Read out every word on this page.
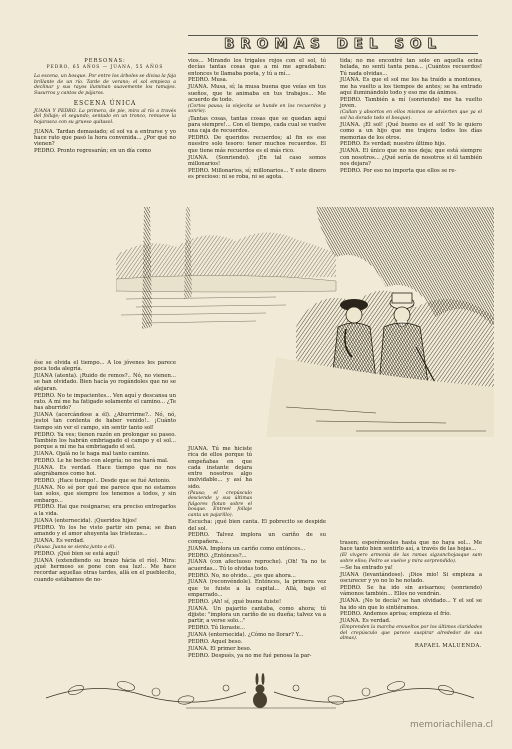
BROMAS DEL SOL

PERSONAS:

PEDRO, 65 AÑOS — JUANA, 55 AÑOS

La escena, un bosque. Por entre los árboles se divisa la faja brillante de un río. Tarde de verano; el sol empieza a declinar y sus rayos iluminan suavemente los ramajes. Susurros y cantos de pájaros.

ESCENA ÚNICA

JUANA Y PEDRO. La primera, de pie, mira al río a través del follaje; el segundo, sentado en un tronco, remueve la hojarasca con su grueso quitasol.

JUANA. Tardan demasiado; el sol va a entrarse y yo hace rato que pasó la hora convenida... ¿Por qué no vienen?

PEDRO. Pronto regresarán; en un día como

vios... Mirando los trigales rojos con el sol, tú decías tantas cosas que a mí me agradaban: entonces te llamaba poeta, y tú a mí...

PEDRO. Musa.

JUANA. Musa, sí; la musa buena que veías en tus sueños, que te animaba en tus trabajos... Me acuerdo de todo.

(Cortos pausa; la viejecita se hunde en los recuerdos y sonríe).

¡Tantas cosas, tantas cosas que se quedan aquí para siempre!... Con el tiempo, cada cual se vuelve una caja de recuerdos.

PEDRO. De queridos recuerdos; al fin es ese nuestro solo tesoro: tener muchos recuerdos. El que tiene más recuerdos es el más rico.

JUANA. (Sonriendo). ¡En tal caso somos millonarios!

PEDRO. Millonarios, sí; millonarios... Y este dinero es precioso: ni se roba, ni se agota.

tida; no me encontré tan solo en aquella ocina helada, no sentí tanta pena... ¡Cuántos recuerdos! Tú nada olvidas...

JUANA. Es que el sol me los ha traído a montones, me ha vuelto a los tiempos de antes; se ha entrado aquí iluminándolo todo y eso me da ánimos.

PEDRO. También a mí (sonriendo) me ha vuelto joven.

(Callan y absortos en ellos mismos se advierten que ya el sol ha dorado todo el bosque).

JUANA. ¡El sol! ¡Qué bueno es el sol! Yo le quiero como a un hijo que me trajera todos los días memorias de los otros.

PEDRO. Es verdad; nuestro último hijo.

JUANA. El único que no nos deja; que está siempre con nosotros... ¿Qué sería de nosotros si él también nos dejara?

PEDRO. Por eso no importa que ellos se re-

ése se olvida el tiempo... A los jóvenes les parece poca toda alegría.

JUANA (atenta). ¡Ruido de remos?.. Nó, no vienen... se han olvidado. Bien hacía yo rogándoles que no se alejaran.

PEDRO. No te impacientes... Ven aquí y descansa un rato. A mí me ha fatigado solamente el camino... ¿Te has aburrido?

JUANA (acercándose a él). ¿Aburrirme?.. Nó, nó, jestoi tan contenta de haber venido!.. ¡Cuánto tiempo sin ver el campo, sin sentir tanto sol!

PEDRO. Ya ves; tienen razón en prolongar su paseo. También los habrán embriagado el campo y el sol... porque a mí me ha embriagado el sol.

JUANA. Ojalá no le haga mal tanto camino.

PEDRO. Le he becho con alegría; no me hará mal.

JUANA. Es verdad. Hace tiempo que no nos alegrábamos como hoi.

PEDRO. ¡Hace tiempo!.. Desde que se fué Antonio.

JUANA. No sé por qué me parece que no estamos tan solos, que siempre los tenemos a todos, y sin embargo...

PEDRO. Hai que resignarse; era preciso entregarlos a la vida.

JUANA (enternecida). ¡Queridos hijos!

PEDRO. Yo los he visto partir sin pena; se iban amando y el amor ahuyenta las tristezas...

JUANA. Es verdad.

(Pausa. Juana se sienta junto a él).

PEDRO. ¡Qué bien se está aquí!

JUANA (extendiendo su brazo hácia el río). Mira: ¡qué hermoso se pone con esa luz!.. Me hace recordar aquellas otras tardes, allá en el pueblecito, cuando estábamos de no-

JUANA. Tú me hiciste rica de ellos porque tú empeñabas en que cada instante dejara entre nosotros algo inolvidable... y así ha sido.

(Pausa; el crepúsculo desciende y sus últimas fulgores flotan sobre el bosque. Entreel follaje canta un pajarillo).

Escucha: ¡qué bien canta. El pobrecito se despide del sol.

PEDRO. Talvez implora un cariño de su compañera...

JUANA. Implora un cariño como entónces...

PEDRO. ¿Entónces?...

JUANA (con afectuoso reproche). ¡Oh! Ya no te acuerdas... Tú lo olvidas todo.

PEDRO. No, no olvido... ¿es que ahora...

JUANA (reconvéndole). Entónces, la primera vez que te fuiste a la capital... Allá, bajo el emparrado...

PEDRO. ¡Ah! sí, ¡qué buena fuiste!

JUANA. Un pajarito cantaba, como ahora; tú dijiste: "implora un cariño de su dueña; talvez va a partir, a verse solo..."

PEDRO. Tú lloraste...

JUANA (enternecida). ¿Cómo no llorar? Y...

PEDRO. Aquel beso.

JUANA. El primer beso.

PEDRO. Después, ya no me fué penosa la par-

trasen; esperémosles hasta que no haya sol... Me hace tanto bien sentirlo así, a través de las hojas...

(El vivgero armonía de las ramas sigzanchojasque sam sobre ellos; Pedro se vuelve y mira sorprendido).

—Se ha entrado ya!

JUANA (levantándose). ¡Dios mio! Si empieza a oscurecer y yo no lo he notado.

PEDRO. Se ha ido sin avisarnos; (sonriendo) vámonos también... Ellos no vendrán.

JUANA. ¡No te decía? se han olvidado... Y el sol se ha ido sin que lo sintiéramos.

PEDRO. Andemos aprisa; empieza el frío.

JUANA. Es verdad.

(Emprenden la marcha envueltos por los últimos claridades del crepúsculo que parece suspirar alrededor de sus almas).

RAFAEL MALUENDA.

memoriachilena.cl
